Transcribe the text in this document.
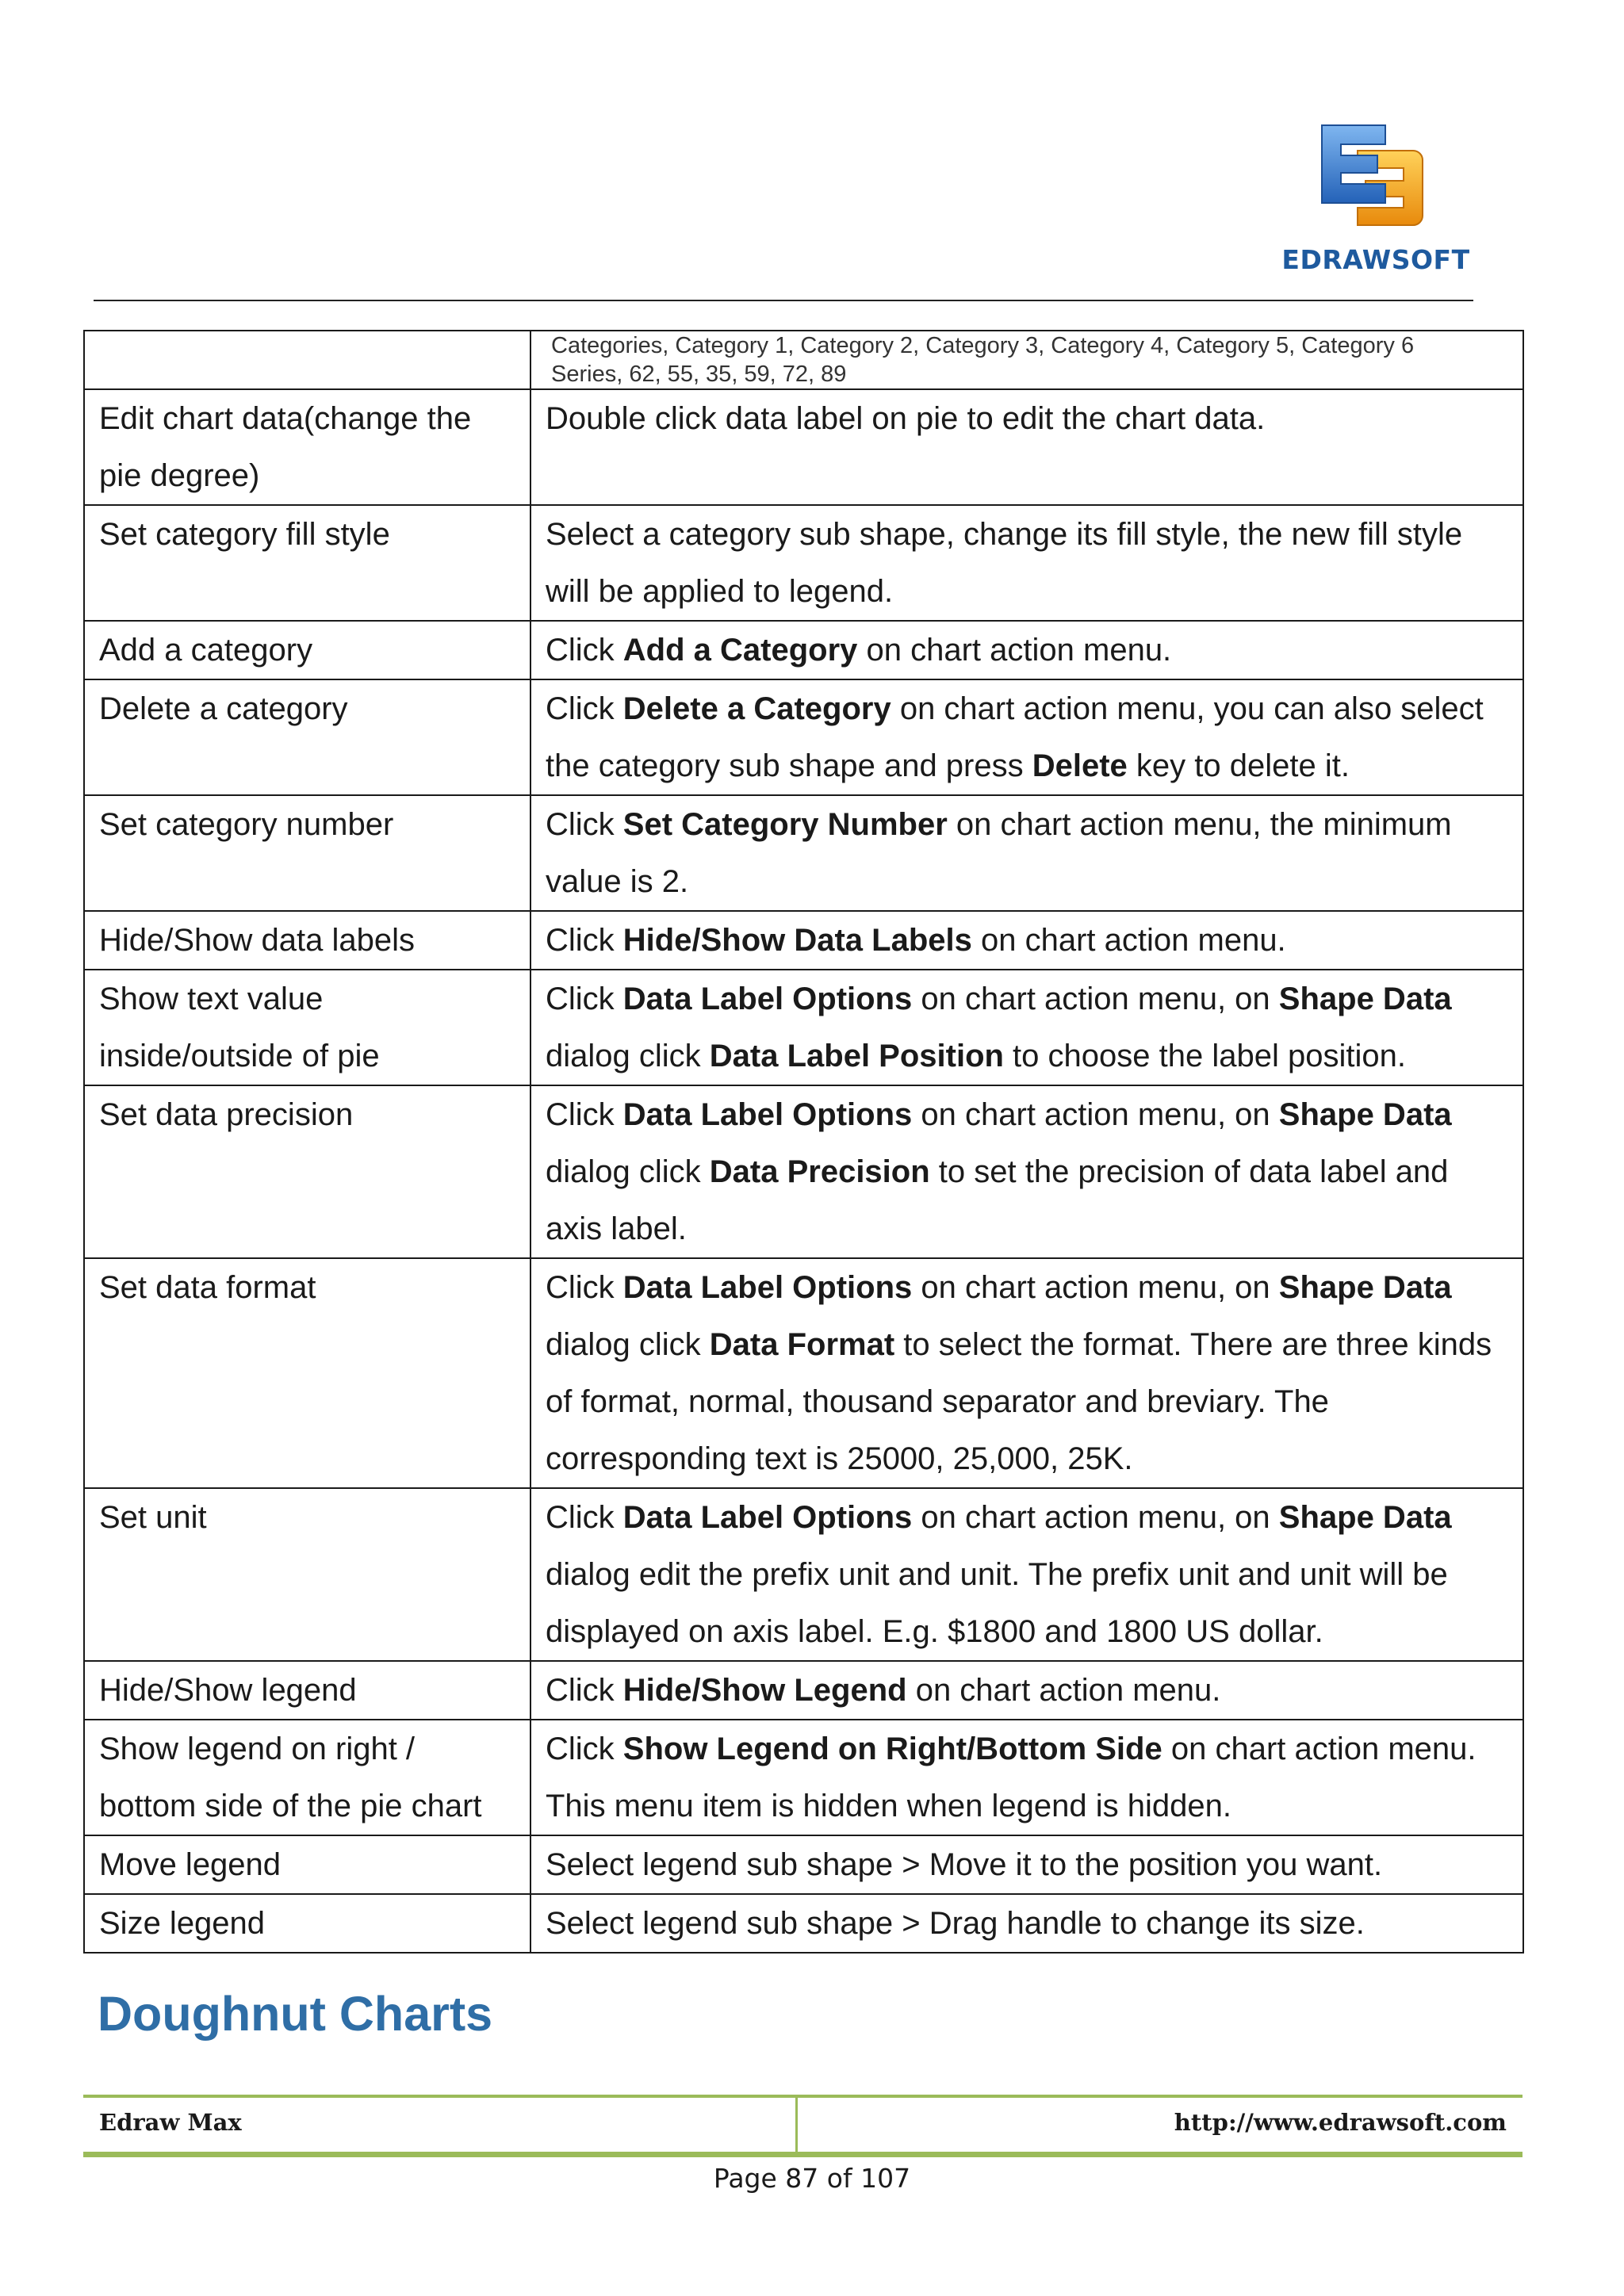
EDRAWSOFT

	Categories, Category 1, Category 2, Category 3, Category 4, Category 5, Category 6
Series, 62, 55, 35, 59, 72, 89

Edit chart data(change the pie degree)	Double click data label on pie to edit the chart data.
Set category fill style	Select a category sub shape, change its fill style, the new fill style will be applied to legend.
Add a category	Click Add a Category on chart action menu.
Delete a category	Click Delete a Category on chart action menu, you can also select the category sub shape and press Delete key to delete it.
Set category number	Click Set Category Number on chart action menu, the minimum value is 2.
Hide/Show data labels	Click Hide/Show Data Labels on chart action menu.
Show text value inside/outside of pie	Click Data Label Options on chart action menu, on Shape Data dialog click Data Label Position to choose the label position.
Set data precision	Click Data Label Options on chart action menu, on Shape Data dialog click Data Precision to set the precision of data label and axis label.
Set data format	Click Data Label Options on chart action menu, on Shape Data dialog click Data Format to select the format. There are three kinds of format, normal, thousand separator and breviary. The corresponding text is 25000, 25,000, 25K.
Set unit	Click Data Label Options on chart action menu, on Shape Data dialog edit the prefix unit and unit. The prefix unit and unit will be displayed on axis label. E.g. $1800 and 1800 US dollar.
Hide/Show legend	Click Hide/Show Legend on chart action menu.
Show legend on right / bottom side of the pie chart	Click Show Legend on Right/Bottom Side on chart action menu. This menu item is hidden when legend is hidden.
Move legend	Select legend sub shape > Move it to the position you want.
Size legend	Select legend sub shape > Drag handle to change its size.
Doughnut Charts
Edraw Max	http://www.edrawsoft.com
Page 87 of 107
